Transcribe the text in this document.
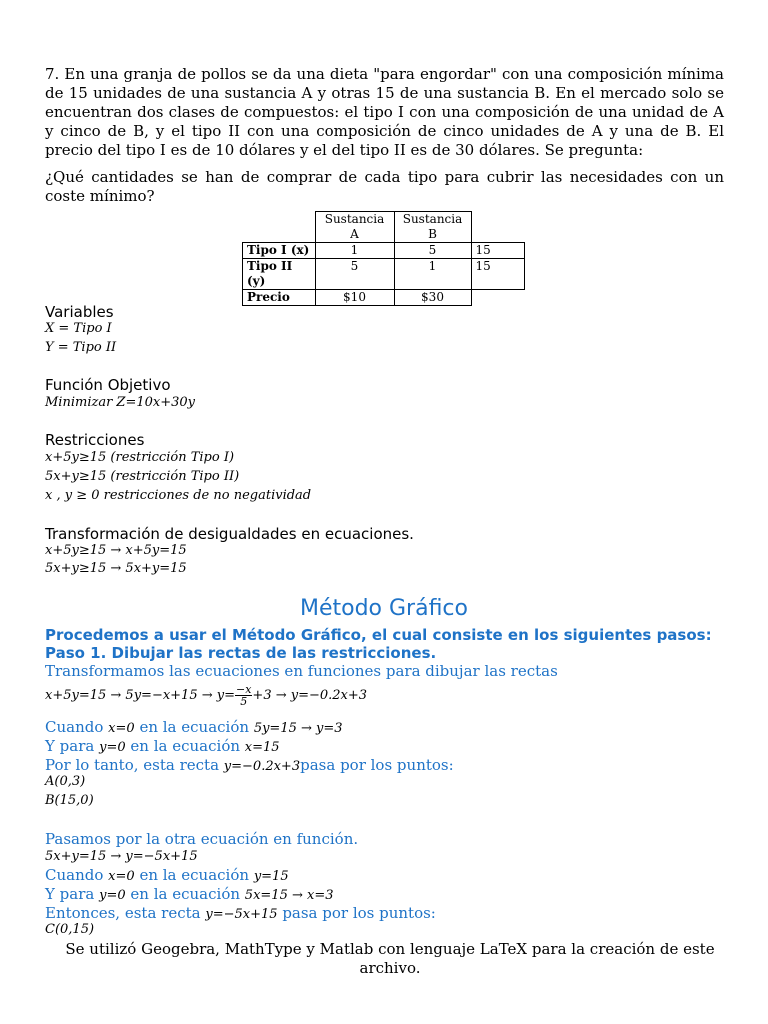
7. En una granja de pollos se da una dieta "para engordar" con una composición mínima de 15 unidades de una sustancia A y otras 15 de una sustancia B. En el mercado solo se encuentran dos clases de compuestos: el tipo I con una composición de una unidad de A y cinco de B, y el tipo II con una composición de cinco unidades de A y una de B. El precio del tipo I es de 10 dólares y el del tipo II es de 30 dólares. Se pregunta:

¿Qué cantidades se han de comprar de cada tipo para cubrir las necesidades con un coste mínimo?

	Sustancia A	Sustancia B	
Tipo I (x)	1	5	15
Tipo II (y)	5	1	15
Precio	$10	$30	

Variables

X = Tipo I

Y = Tipo II

Función Objetivo

Minimizar Z=10x+30y

Restricciones

x+5y≥15 (restricción Tipo I)

5x+y≥15 (restricción Tipo II)

x , y ≥ 0 restricciones de no negatividad

Transformación de desigualdades en ecuaciones.

x+5y≥15 → x+5y=15

5x+y≥15 → 5x+y=15

Método Gráfico

Procedemos a usar el Método Gráfico, el cual consiste en los siguientes pasos:

Paso 1. Dibujar las rectas de las restricciones.

Transformamos las ecuaciones en funciones para dibujar las rectas

$x+5y=15 \to 5y=-x+15 \to y= \frac{-x}{5} +3 \to y=-0.2x+3$

Cuando x=0 en la ecuación 5y=15 → y=3

Y para y=0 en la ecuación x=15

Por lo tanto, esta recta y=−0.2x+3pasa por los puntos:

A(0,3)

B(15,0)

Pasamos por la otra ecuación en función.

5x+y=15 → y=−5x+15

Cuando x=0 en la ecuación y=15

Y para y=0 en la ecuación 5x=15 → x=3

Entonces, esta recta y=−5x+15 pasa por los puntos:

C(0,15)

Se utilizó Geogebra, MathType y Matlab con lenguaje LaTeX para la creación de este archivo.
